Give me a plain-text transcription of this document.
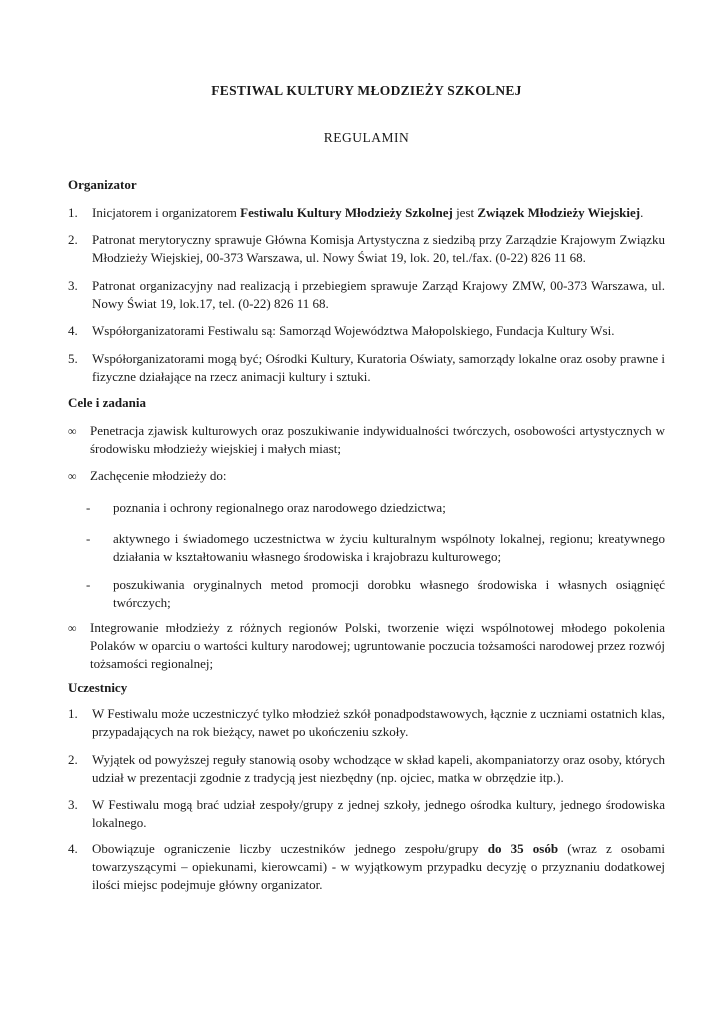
FESTIWAL KULTURY MŁODZIEŻY SZKOLNEJ
REGULAMIN
Organizator
1.	Inicjatorem i organizatorem Festiwalu Kultury Młodzieży Szkolnej jest Związek Młodzieży Wiejskiej.
2.	Patronat merytoryczny sprawuje Główna Komisja Artystyczna z siedzibą przy Zarządzie Krajowym Związku Młodzieży Wiejskiej, 00-373 Warszawa, ul. Nowy Świat 19, lok. 20, tel./fax. (0-22) 826 11 68.
3.	Patronat organizacyjny nad realizacją i przebiegiem sprawuje Zarząd Krajowy ZMW, 00-373 Warszawa, ul. Nowy Świat 19, lok.17, tel. (0-22) 826 11 68.
4.	Współorganizatorami Festiwalu są: Samorząd Województwa Małopolskiego, Fundacja Kultury Wsi.
5.	Współorganizatorami mogą być; Ośrodki Kultury, Kuratoria Oświaty, samorządy lokalne oraz osoby prawne i fizyczne działające na rzecz animacji kultury i sztuki.
Cele i zadania
∞	Penetracja zjawisk kulturowych oraz poszukiwanie indywidualności twórczych, osobowości artystycznych w środowisku młodzieży wiejskiej i małych miast;
∞	Zachęcenie młodzieży do:
-	poznania i ochrony regionalnego oraz narodowego dziedzictwa;
-	aktywnego i świadomego uczestnictwa w życiu kulturalnym wspólnoty lokalnej, regionu; kreatywnego działania w kształtowaniu własnego środowiska i krajobrazu kulturowego;
-	poszukiwania oryginalnych metod promocji dorobku własnego środowiska i własnych osiągnięć twórczych;
∞	Integrowanie młodzieży z różnych regionów Polski, tworzenie więzi wspólnotowej młodego pokolenia Polaków w oparciu o wartości kultury narodowej; ugruntowanie poczucia tożsamości narodowej przez rozwój tożsamości regionalnej;
Uczestnicy
1.	W Festiwalu może uczestniczyć tylko młodzież szkół ponadpodstawowych, łącznie z uczniami ostatnich klas, przypadających na rok bieżący, nawet po ukończeniu szkoły.
2.	Wyjątek od powyższej reguły stanowią osoby wchodzące w skład kapeli, akompaniatorzy oraz osoby, których udział w prezentacji zgodnie z tradycją jest niezbędny (np. ojciec, matka w obrzędzie itp.).
3.	W Festiwalu mogą brać udział zespoły/grupy z jednej szkoły, jednego ośrodka kultury, jednego środowiska lokalnego.
4.	Obowiązuje ograniczenie liczby uczestników jednego zespołu/grupy do 35 osób (wraz z osobami towarzyszącymi – opiekunami, kierowcami) - w wyjątkowym przypadku decyzję o przyznaniu dodatkowej ilości miejsc podejmuje główny organizator.
